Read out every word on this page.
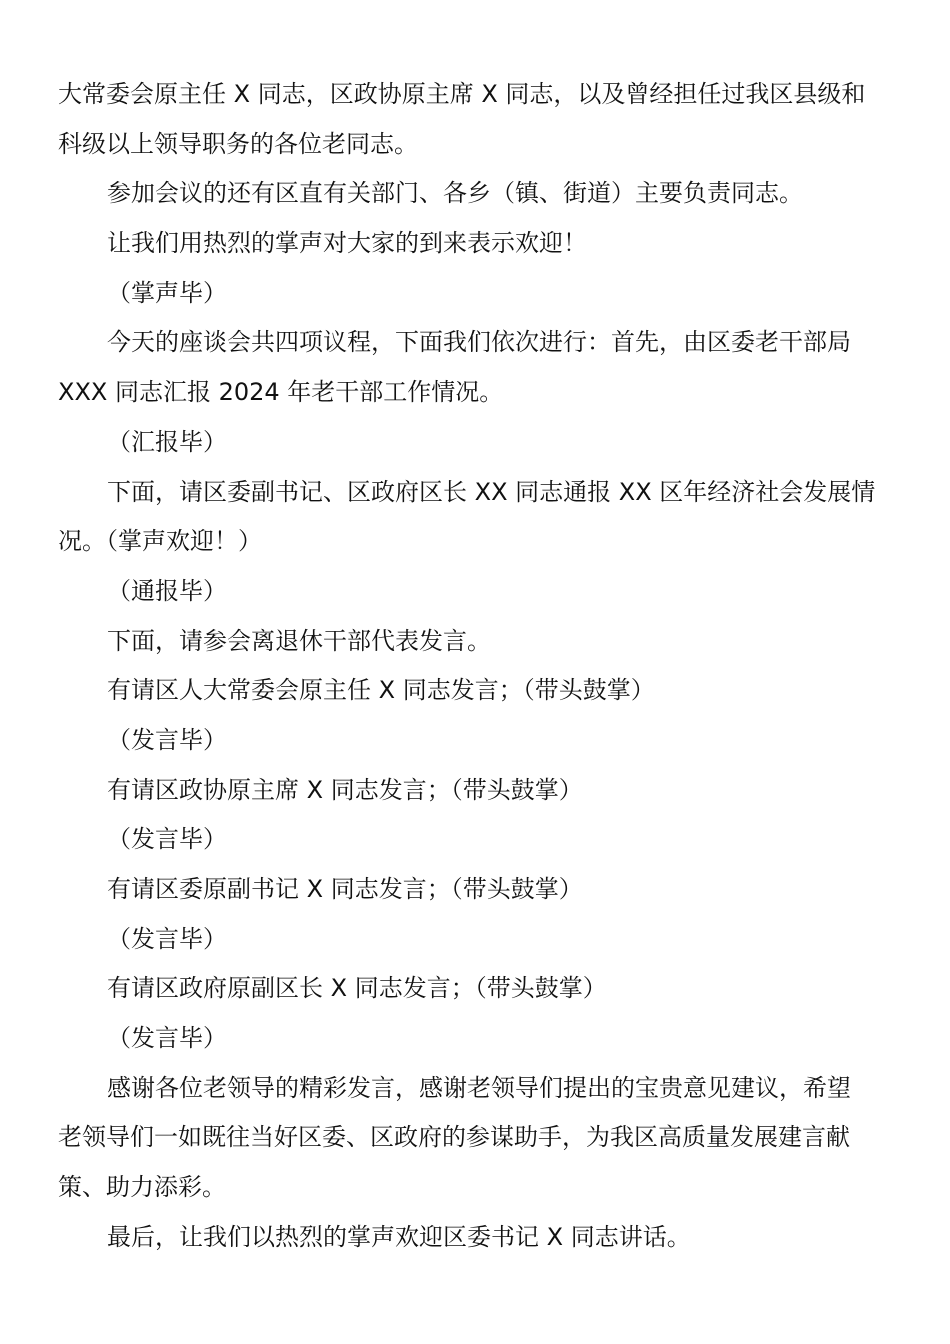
大常委会原主任 X 同志，区政协原主席 X 同志，以及曾经担任过我区县级和
科级以上领导职务的各位老同志。
参加会议的还有区直有关部门、各乡（镇、街道）主要负责同志。
让我们用热烈的掌声对大家的到来表示欢迎！
（掌声毕）
今天的座谈会共四项议程，下面我们依次进行：首先，由区委老干部局
XXX 同志汇报 2024 年老干部工作情况。
（汇报毕）
下面，请区委副书记、区政府区长 XX 同志通报 XX 区年经济社会发展情
况。（掌声欢迎！）
（通报毕）
下面，请参会离退休干部代表发言。
有请区人大常委会原主任 X 同志发言；（带头鼓掌）
（发言毕）
有请区政协原主席 X 同志发言；（带头鼓掌）
（发言毕）
有请区委原副书记 X 同志发言；（带头鼓掌）
（发言毕）
有请区政府原副区长 X 同志发言；（带头鼓掌）
（发言毕）
感谢各位老领导的精彩发言，感谢老领导们提出的宝贵意见建议，希望
老领导们一如既往当好区委、区政府的参谋助手，为我区高质量发展建言献
策、助力添彩。
最后，让我们以热烈的掌声欢迎区委书记 X 同志讲话。
